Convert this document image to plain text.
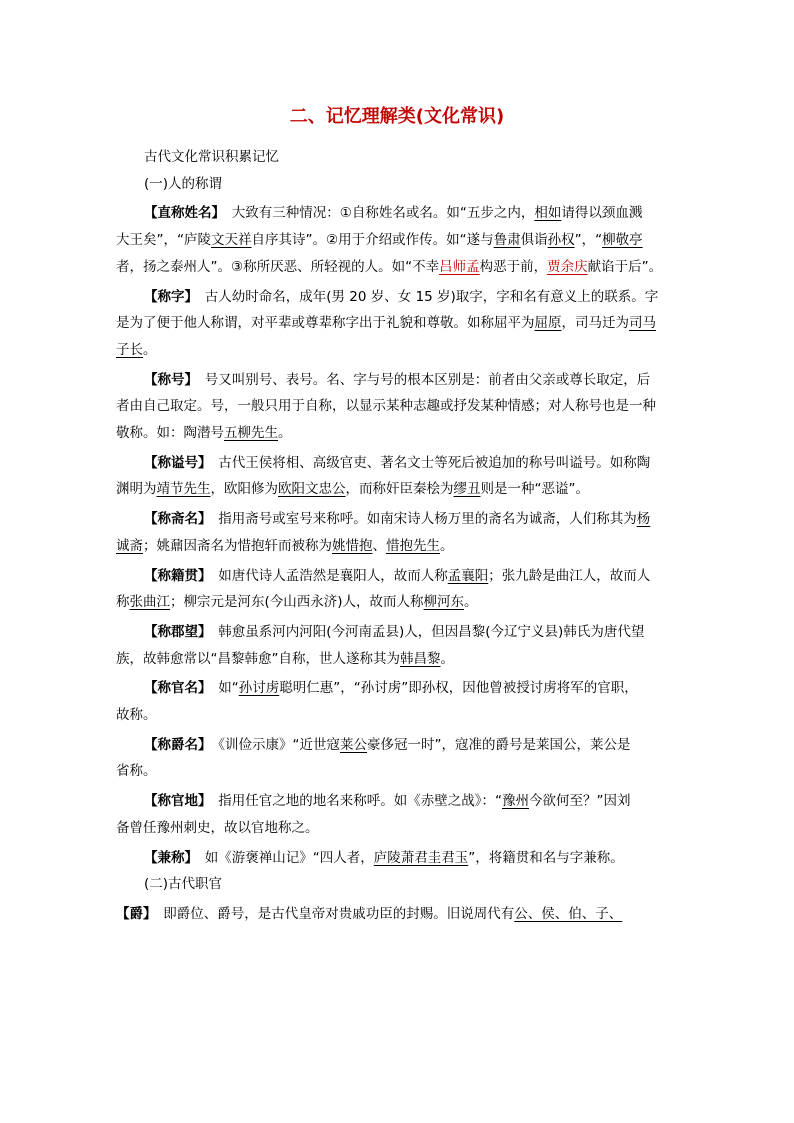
二、记忆理解类(文化常识)
古代文化常识积累记忆
(一)人的称谓
【直称姓名】　大致有三种情况：①自称姓名或名。如“五步之内，相如请得以颈血溅
大王矣”，“庐陵文天祥自序其诗”。②用于介绍或作传。如“遂与鲁肃俱诣孙权”，“柳敬亭
者，扬之泰州人”。③称所厌恶、所轻视的人。如“不幸吕师孟构恶于前，贾余庆献谄于后”。
【称字】　古人幼时命名，成年(男 20 岁、女 15 岁)取字，字和名有意义上的联系。字
是为了便于他人称谓，对平辈或尊辈称字出于礼貌和尊敬。如称屈平为屈原，司马迁为司马
子长。
【称号】　号又叫别号、表号。名、字与号的根本区别是：前者由父亲或尊长取定，后
者由自己取定。号，一般只用于自称，以显示某种志趣或抒发某种情感；对人称号也是一种
敬称。如：陶潜号五柳先生。
【称谥号】　古代王侯将相、高级官吏、著名文士等死后被追加的称号叫谥号。如称陶
渊明为靖节先生，欧阳修为欧阳文忠公，而称奸臣秦桧为缪丑则是一种“恶谥”。
【称斋名】　指用斋号或室号来称呼。如南宋诗人杨万里的斋名为诚斋，人们称其为杨
诚斋；姚鼐因斋名为惜抱轩而被称为姚惜抱、惜抱先生。
【称籍贯】　如唐代诗人孟浩然是襄阳人，故而人称孟襄阳；张九龄是曲江人，故而人
称张曲江；柳宗元是河东(今山西永济)人，故而人称柳河东。
【称郡望】　韩愈虽系河内河阳(今河南孟县)人，但因昌黎(今辽宁义县)韩氏为唐代望
族，故韩愈常以“昌黎韩愈”自称，世人遂称其为韩昌黎。
【称官名】　如“孙讨虏聪明仁惠”，“孙讨虏”即孙权，因他曾被授讨虏将军的官职，
故称。
【称爵名】　《训俭示康》“近世寇莱公豪侈冠一时”，寇准的爵号是莱国公，莱公是
省称。
【称官地】　指用任官之地的地名来称呼。如《赤壁之战》：“豫州今欲何至？”因刘
备曾任豫州刺史，故以官地称之。
【兼称】　如《游褒禅山记》“四人者，庐陵萧君圭君玉”，将籍贯和名与字兼称。
(二)古代职官
【爵】　即爵位、爵号，是古代皇帝对贵戚功臣的封赐。旧说周代有公、侯、伯、子、
